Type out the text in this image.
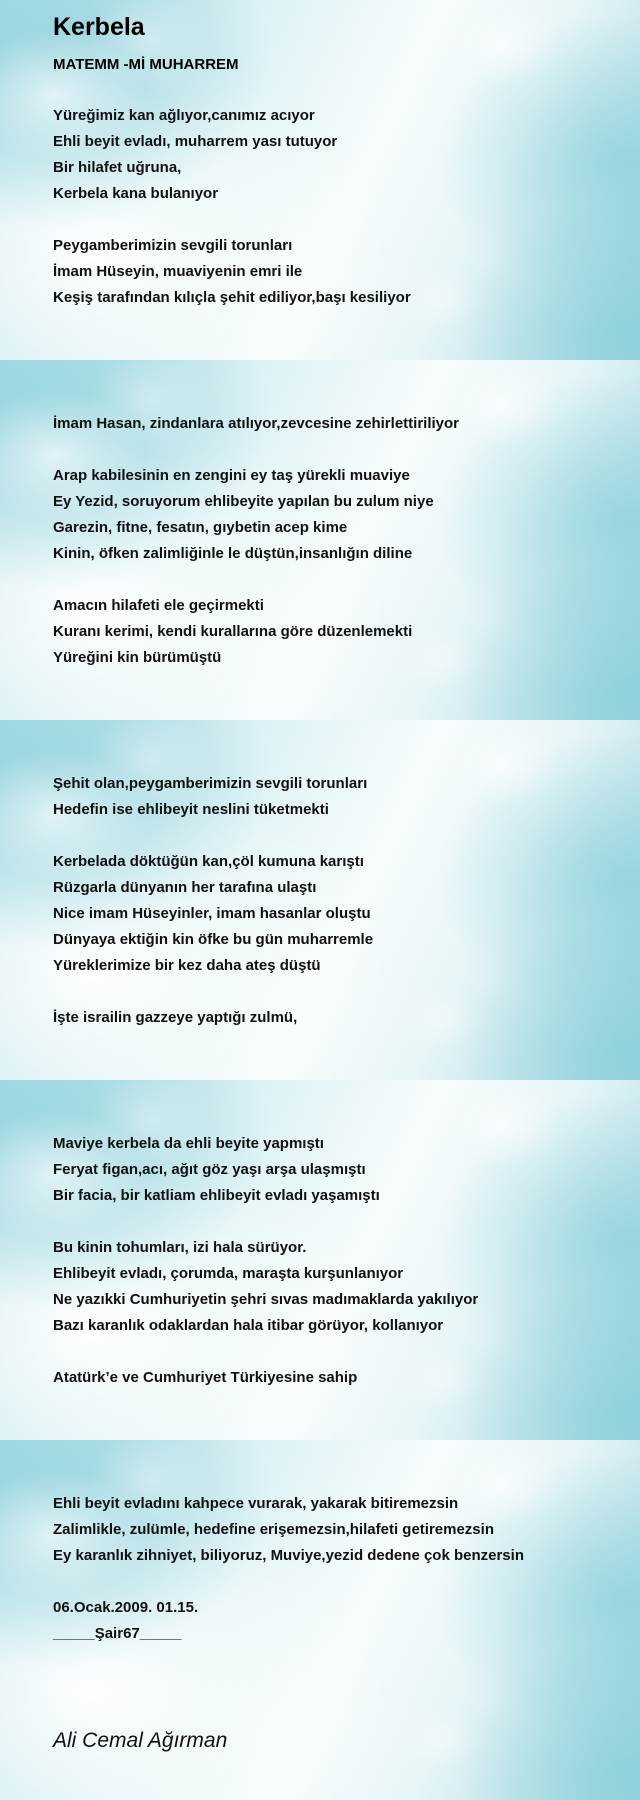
Kerbela
MATEMM -Mİ MUHARREM
Yüreğimiz kan ağlıyor,canımız acıyor
Ehli beyit evladı, muharrem yası tutuyor
Bir hilafet uğruna,
Kerbela kana bulanıyor
Peygamberimizin sevgili torunları
İmam Hüseyin, muaviyenin emri ile
Keşiş tarafından kılıçla şehit ediliyor,başı kesiliyor
İmam Hasan, zindanlara atılıyor,zevcesine zehirlettiriliyor
Arap kabilesinin en zengini ey taş yürekli muaviye
Ey Yezid, soruyorum ehlibeyite yapılan bu zulum niye
Garezin, fitne, fesatın, gıybetin acep kime
Kinin, öfken zalimliğinle le düştün,insanlığın diline
Amacın hilafeti ele geçirmekti
Kuranı kerimi, kendi kurallarına göre düzenlemekti
Yüreğini kin bürümüştü
Şehit olan,peygamberimizin sevgili torunları
Hedefin ise ehlibeyit neslini tüketmekti
Kerbelada döktüğün kan,çöl kumuna karıştı
Rüzgarla dünyanın her tarafına ulaştı
Nice imam Hüseyinler, imam hasanlar oluştu
Dünyaya ektiğin kin öfke bu gün muharremle
Yüreklerimize bir kez daha ateş düştü
İşte israilin gazzeye yaptığı zulmü,
Maviye kerbela da ehli beyite yapmıştı
Feryat figan,acı, ağıt göz yaşı arşa ulaşmıştı
Bir facia, bir katliam ehlibeyit evladı yaşamıştı
Bu kinin tohumları, izi hala sürüyor.
Ehlibeyit evladı, çorumda, maraşta kurşunlanıyor
Ne yazıkki Cumhuriyetin şehri sıvas madımaklarda yakılıyor
Bazı karanlık odaklardan hala itibar görüyor, kollanıyor
Atatürk’e ve Cumhuriyet Türkiyesine sahip
Ehli beyit evladını kahpece vurarak, yakarak bitiremezsin
Zalimlikle, zulümle, hedefine erişemezsin,hilafeti getiremezsin
Ey karanlık zihniyet, biliyoruz, Muviye,yezid dedene çok benzersin
06.Ocak.2009. 01.15.
_____Şair67_____
Ali Cemal Ağırman
